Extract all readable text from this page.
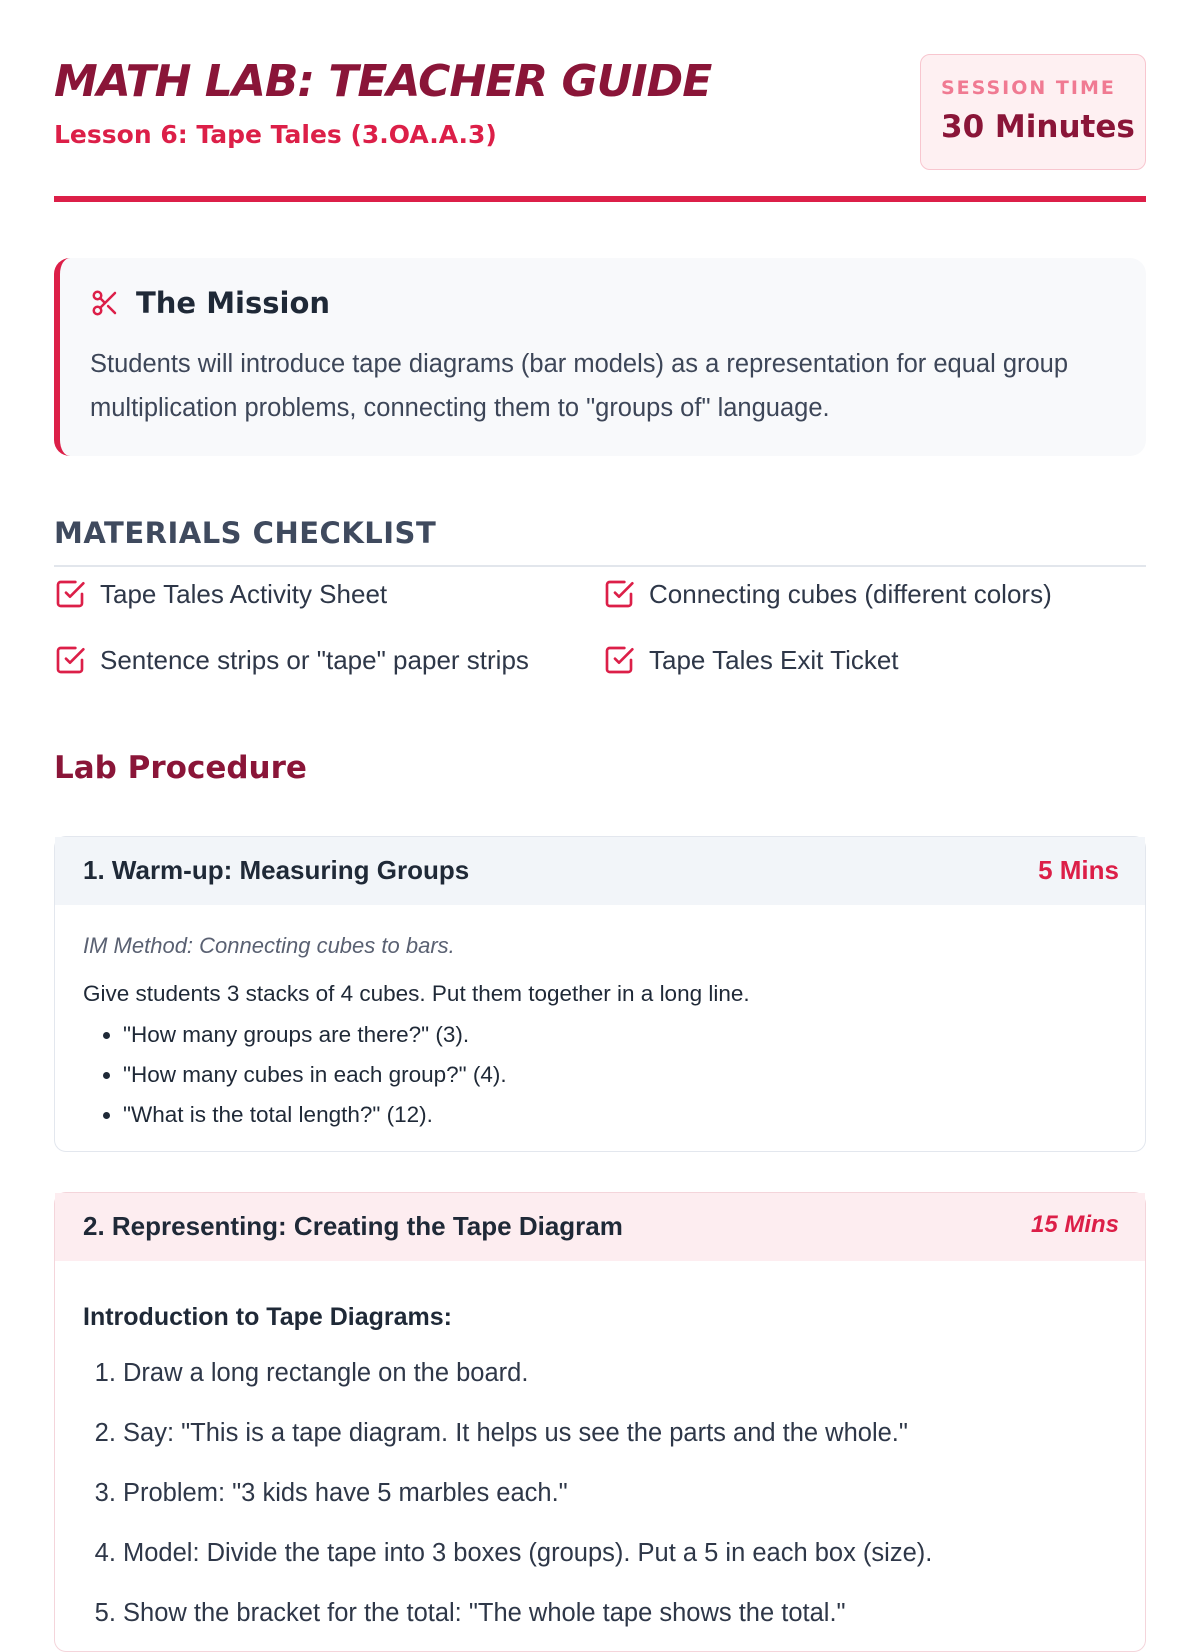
MATH LAB: TEACHER GUIDE
Lesson 6: Tape Tales (3.OA.A.3)
SESSION TIME
30 Minutes
The Mission

Students will introduce tape diagrams (bar models) as a representation for equal group multiplication problems, connecting them to "groups of" language.

MATERIALS CHECKLIST
Tape Tales Activity Sheet	Connecting cubes (different colors)
Sentence strips or "tape" paper strips	Tape Tales Exit Ticket
Lab Procedure
1. Warm-up: Measuring Groups	5 Mins

IM Method: Connecting cubes to bars.

Give students 3 stacks of 4 cubes. Put them together in a long line.

• "How many groups are there?" (3).
• "How many cubes in each group?" (4).
• "What is the total length?" (12).
2. Representing: Creating the Tape Diagram	15 Mins

Introduction to Tape Diagrams:

1. Draw a long rectangle on the board.
2. Say: "This is a tape diagram. It helps us see the parts and the whole."
3. Problem: "3 kids have 5 marbles each."
4. Model: Divide the tape into 3 boxes (groups). Put a 5 in each box (size).
5. Show the bracket for the total: "The whole tape shows the total."
